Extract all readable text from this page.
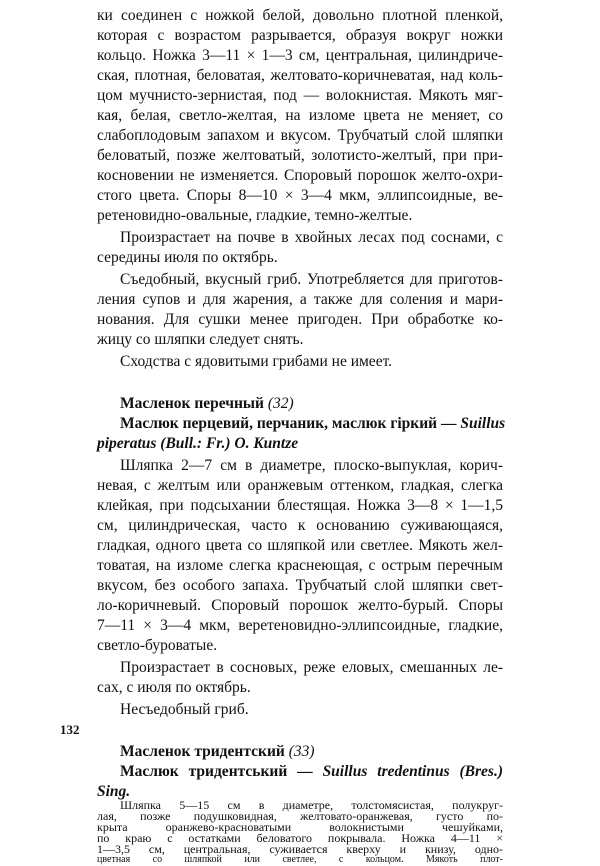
ки соединен с ножкой белой, довольно плотной пленкой,
которая с возрастом разрывается, образуя вокруг ножки
кольцо. Ножка 3—11 × 1—3 см, центральная, цилиндриче-
ская, плотная, беловатая, желтовато-коричневатая, над коль-
цом мучнисто-зернистая, под — волокнистая. Мякоть мяг-
кая, белая, светло-желтая, на изломе цвета не меняет, со
слабоплодовым запахом и вкусом. Трубчатый слой шляпки
беловатый, позже желтоватый, золотисто-желтый, при при-
косновении не изменяется. Споровый порошок желто-охри-
стого цвета. Споры 8—10 × 3—4 мкм, эллипсоидные, ве-
ретеновидно-овальные, гладкие, темно-желтые.
Произрастает на почве в хвойных лесах под соснами, с
середины июля по октябрь.
Съедобный, вкусный гриб. Употребляется для приготов-
ления супов и для жарения, а также для соления и мари-
нования. Для сушки менее пригоден. При обработке ко-
жицу со шляпки следует снять.
Сходства с ядовитыми грибами не имеет.
Масленок перечный (32)
Маслюк перцевий, перчаник, маслюк гіркий — Suillus
piperatus (Bull.: Fr.) O. Kuntze
Шляпка 2—7 см в диаметре, плоско-выпуклая, корич-
невая, с желтым или оранжевым оттенком, гладкая, слегка
клейкая, при подсыхании блестящая. Ножка 3—8 × 1—1,5
см, цилиндрическая, часто к основанию суживающаяся,
гладкая, одного цвета со шляпкой или светлее. Мякоть жел-
товатая, на изломе слегка краснеющая, с острым перечным
вкусом, без особого запаха. Трубчатый слой шляпки свет-
ло-коричневый. Споровый порошок желто-бурый. Споры
7—11 × 3—4 мкм, веретеновидно-эллипсоидные, гладкие,
светло-буроватые.
Произрастает в сосновых, реже еловых, смешанных ле-
сах, с июля по октябрь.
Несъедобный гриб.
Масленок тридентский (33)
Маслюк тридентський — Suillus tredentinus (Bres.)
Sing.
Шляпка 5—15 см в диаметре, толстомясистая, полукруг-
лая, позже подушковидная, желтовато-оранжевая, густо по-
крыта оранжево-красноватыми волокнистыми чешуйками,
по краю с остатками беловатого покрывала. Ножка 4—11 ×
1—3,5 см, центральная, суживается кверху и книзу, одно-
цветная со шляпкой или светлее, с кольцом. Мякоть плот-
132
